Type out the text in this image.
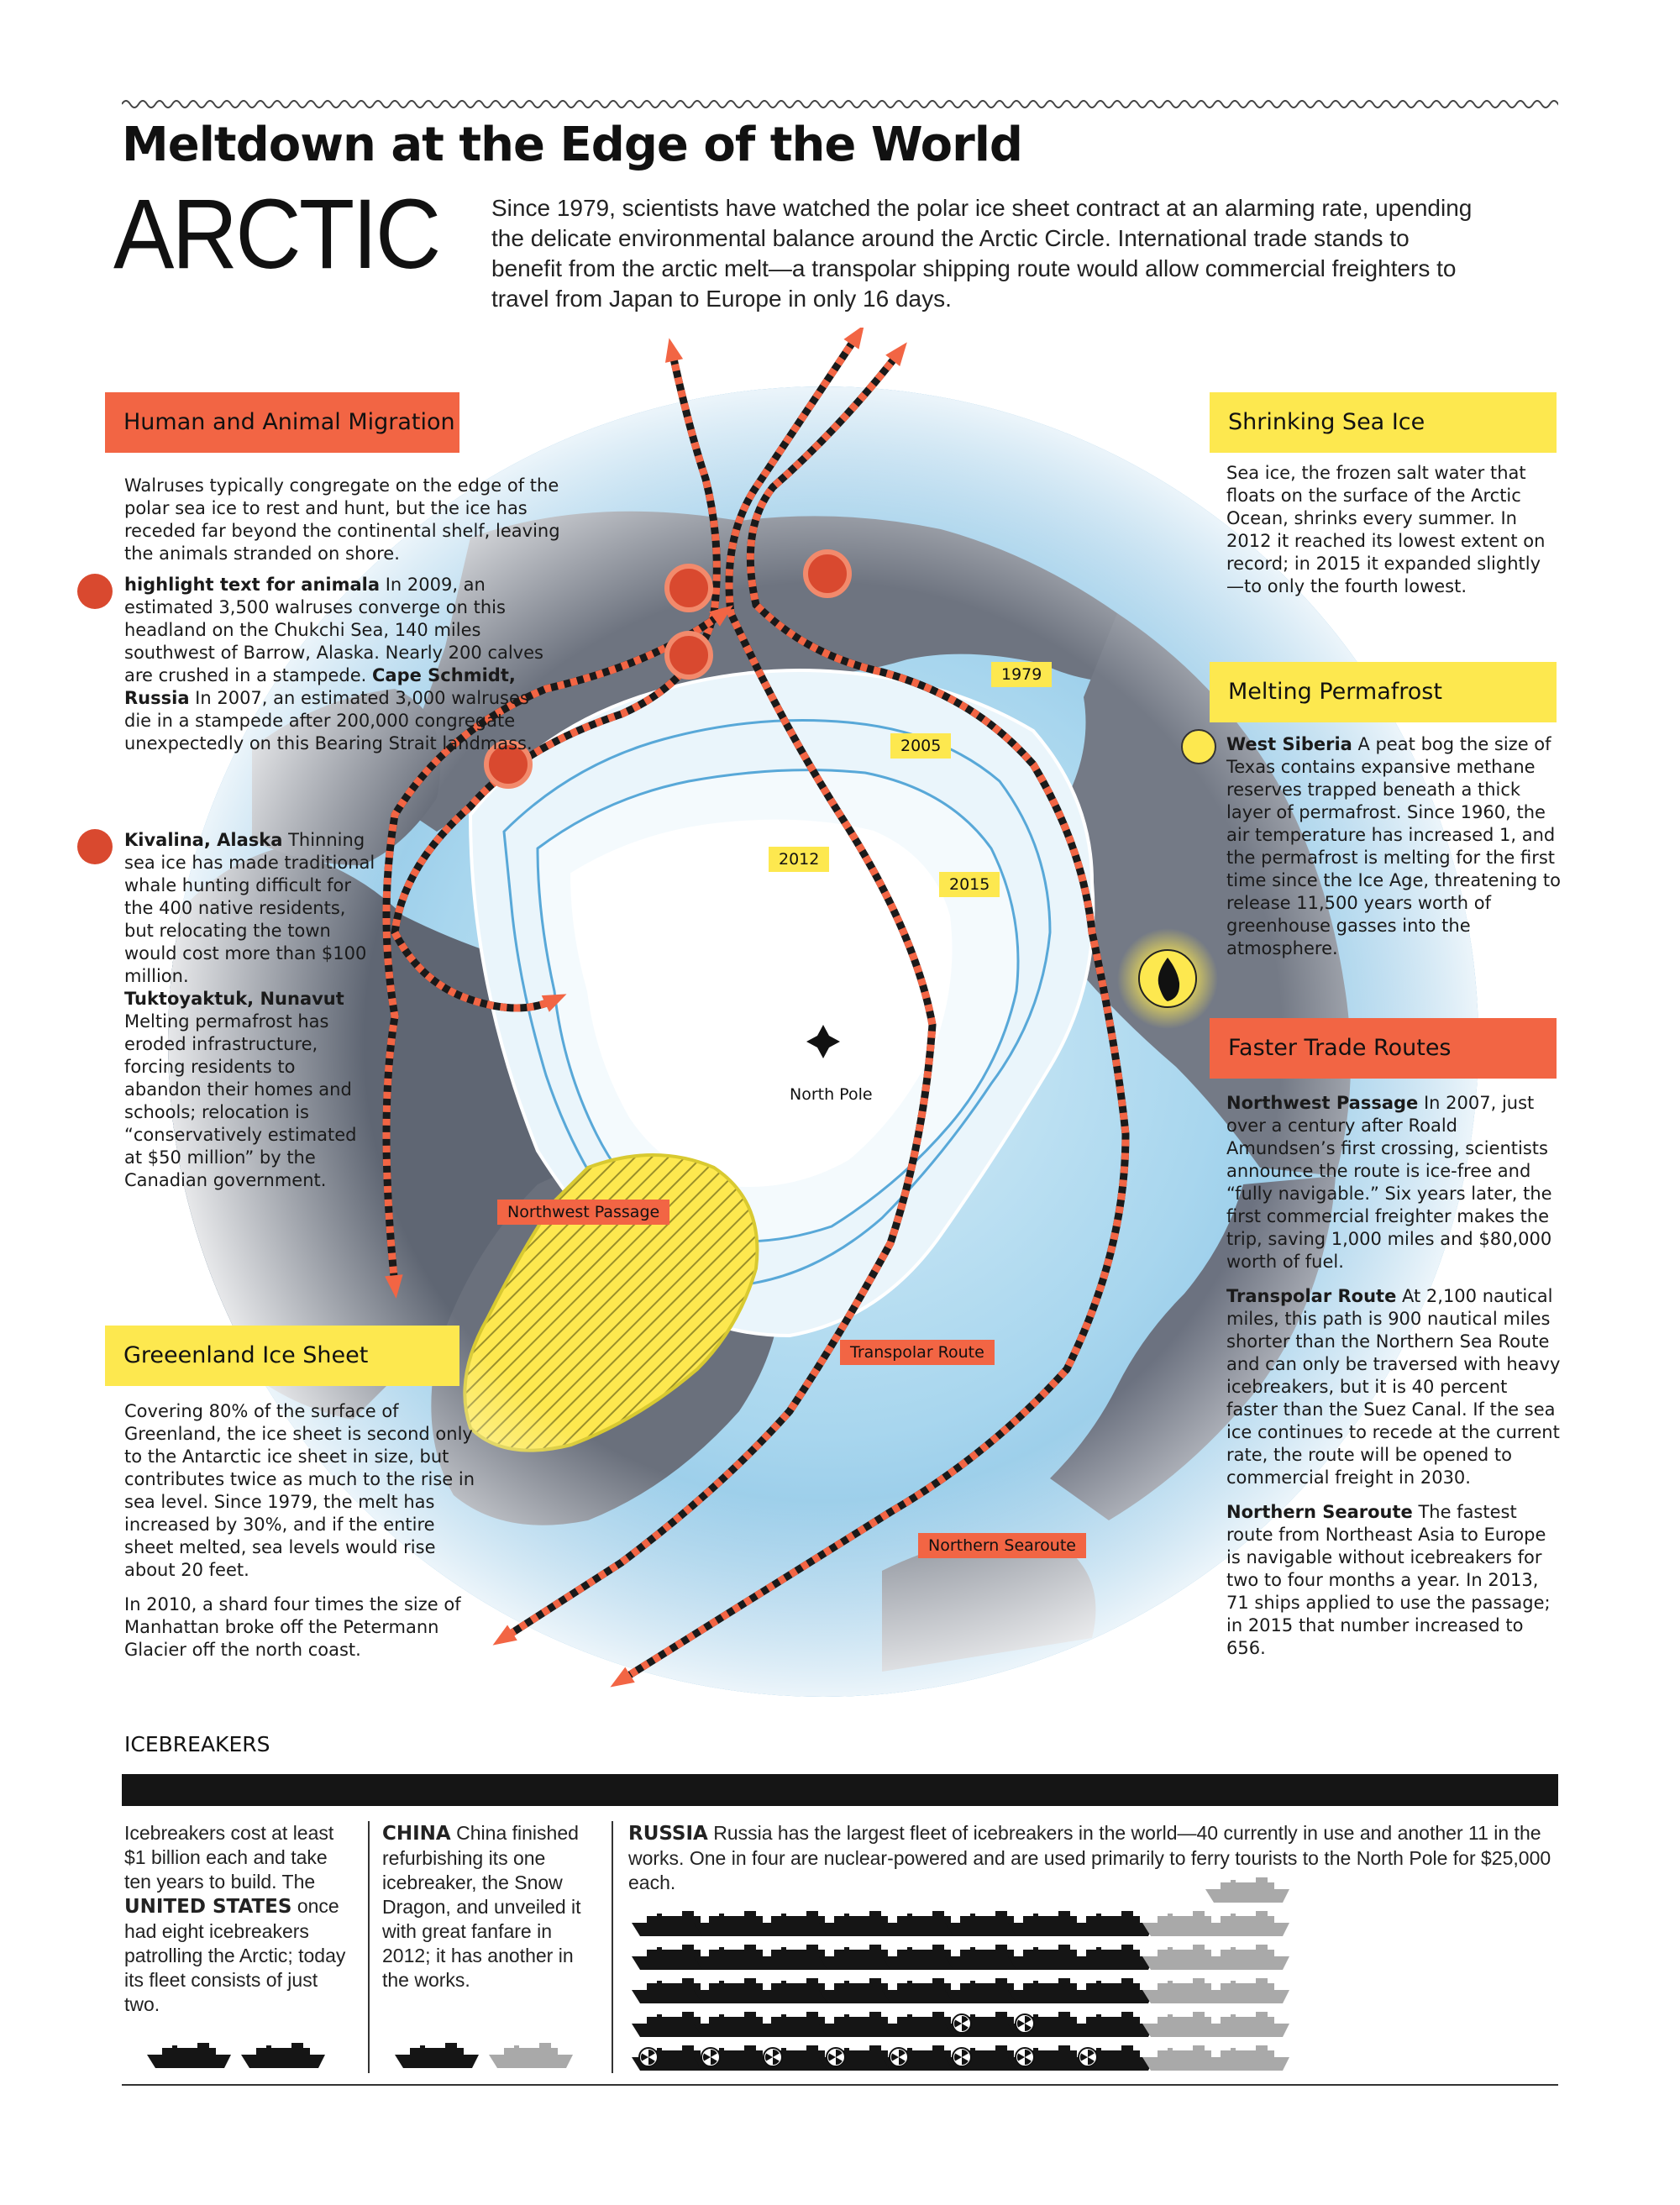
Meltdown at the Edge of the World
ARCTIC Since 1979, scientists have watched the polar ice sheet contract at an alarming rate, upending the delicate environmental balance around the Arctic Circle. International trade stands to benefit from the arctic melt—a transpolar shipping route would allow commercial freighters to travel from Japan to Europe in only 16 days.
1979
2005
2012
2015
North Pole
Northwest Passage
Transpolar Route
Northern Searoute
Human and Animal Migration
Walruses typically congregate on the edge of the polar sea ice to rest and hunt, but the ice has receded far beyond the continental shelf, leaving the animals stranded on shore.
highlight text for animala In 2009, an estimated 3,500 walruses converge on this headland on the Chukchi Sea, 140 miles southwest of Barrow, Alaska. Nearly 200 calves are crushed in a stampede. Cape Schmidt, Russia In 2007, an estimated 3,000 walruses die in a stampede after 200,000 congregate unexpectedly on this Bearing Strait landmass.
Kivalina, Alaska Thinning sea ice has made traditional whale hunting difficult for the 400 native residents, but relocating the town would cost more than $100 million.
Tuktoyaktuk, Nunavut Melting permafrost has eroded infrastructure, forcing residents to abandon their homes and schools; relocation is “conservatively estimated at $50 million” by the Canadian government.
Greeenland Ice Sheet

Covering 80% of the surface of Greenland, the ice sheet is second only to the Antarctic ice sheet in size, but contributes twice as much to the rise in sea level. Since 1979, the melt has increased by 30%, and if the entire sheet melted, sea levels would rise about 20 feet.

In 2010, a shard four times the size of Manhattan broke off the Petermann Glacier off the north coast.

Shrinking Sea Ice
Sea ice, the frozen salt water that floats on the surface of the Arctic Ocean, shrinks every summer. In 2012 it reached its lowest extent on record; in 2015 it expanded slightly—to only the fourth lowest.
Melting Permafrost
West Siberia A peat bog the size of Texas contains expansive methane reserves trapped beneath a thick layer of permafrost. Since 1960, the air temperature has increased 1, and the permafrost is melting for the first time since the Ice Age, threatening to release 11,500 years worth of greenhouse gasses into the atmosphere.
Faster Trade Routes

Northwest Passage In 2007, just over a century after Roald Amundsen’s first crossing, scientists announce the route is ice-free and “fully navigable.” Six years later, the first commercial freighter makes the trip, saving 1,000 miles and $80,000 worth of fuel.

Transpolar Route At 2,100 nautical miles, this path is 900 nautical miles shorter than the Northern Sea Route and can only be traversed with heavy icebreakers, but it is 40 percent faster than the Suez Canal. If the sea ice continues to recede at the current rate, the route will be opened to commercial freight in 2030.

Northern Searoute The fastest route from Northeast Asia to Europe is navigable without icebreakers for two to four months a year. In 2013, 71 ships applied to use the passage; in 2015 that number increased to 656.

ICEBREAKERS
Icebreakers cost at least $1 billion each and take ten years to build. The UNITED STATES once had eight icebreakers patrolling the Arctic; today its fleet consists of just two.
CHINA China finished refurbishing its one icebreaker, the Snow Dragon, and unveiled it with great fanfare in 2012; it has another in the works.
RUSSIA Russia has the largest fleet of icebreakers in the world—40 currently in use and another 11 in the works. One in four are nuclear-powered and are used primarily to ferry tourists to the North Pole for $25,000 each.
